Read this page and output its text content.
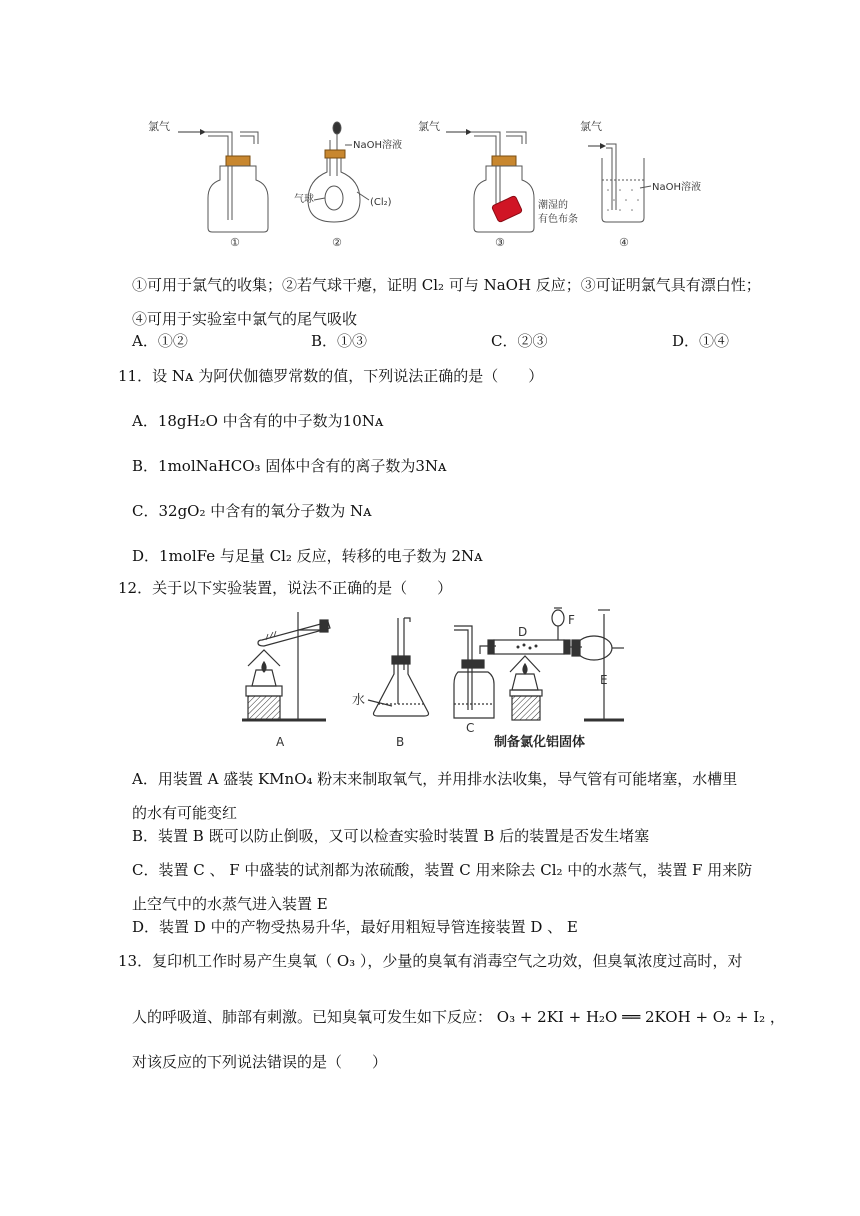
氯气
①
NaOH溶液
气球	(Cl₂)
②
氯气
潮湿的
有色布条
③
氯气
NaOH溶液
④
①可用于氯气的收集；②若气球干瘪，证明 Cl₂ 可与 NaOH 反应；③可证明氯气具有漂白性；
④可用于实验室中氯气的尾气吸收
A．①②	B．①③	C．②③	D．①④
11．设 Nᴀ 为阿伏伽德罗常数的值，下列说法正确的是（　　）
A．18gH₂O 中含有的中子数为10Nᴀ
B．1molNaHCO₃ 固体中含有的离子数为3Nᴀ
C．32gO₂ 中含有的氧分子数为 Nᴀ
D．1molFe 与足量 Cl₂ 反应，转移的电子数为 2Nᴀ
12．关于以下实验装置，说法不正确的是（　　）
A
水
B
C
D
F
E
制备氯化铝固体
A．用装置 A 盛装 KMnO₄ 粉末来制取氧气，并用排水法收集，导气管有可能堵塞，水槽里
的水有可能变红
B．装置 B 既可以防止倒吸，又可以检查实验时装置 B 后的装置是否发生堵塞
C．装置 C 、 F 中盛装的试剂都为浓硫酸，装置 C 用来除去 Cl₂ 中的水蒸气，装置 F 用来防
止空气中的水蒸气进入装置 E
D．装置 D 中的产物受热易升华，最好用粗短导管连接装置 D 、 E
13．复印机工作时易产生臭氧（ O₃ ），少量的臭氧有消毒空气之功效，但臭氧浓度过高时，对
人的呼吸道、肺部有刺激。已知臭氧可发生如下反应： O₃ + 2KI + H₂O ══ 2KOH + O₂ + I₂ ，
对该反应的下列说法错误的是（　　）
